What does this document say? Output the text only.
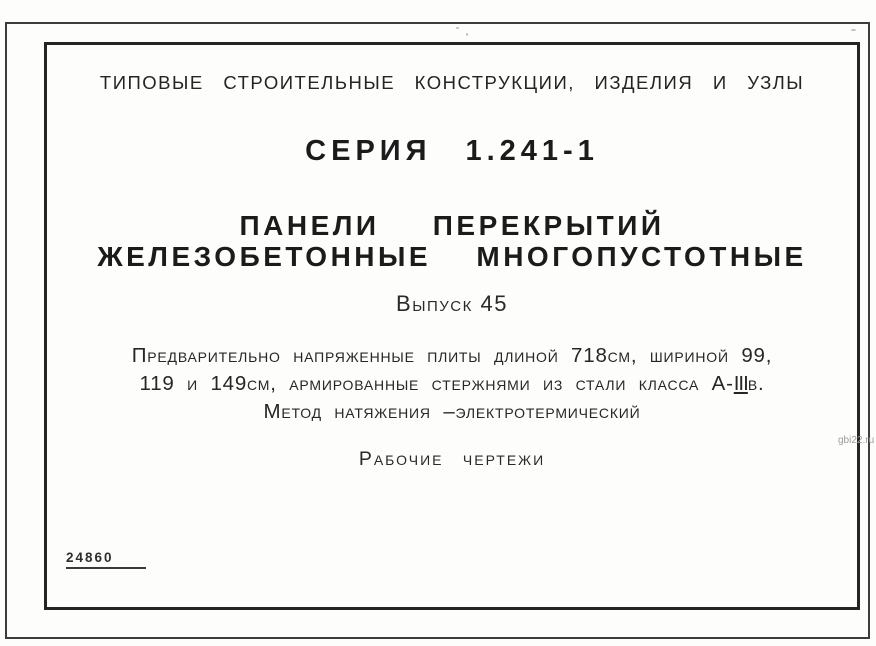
ТИПОВЫЕ СТРОИТЕЛЬНЫЕ КОНСТРУКЦИИ, ИЗДЕЛИЯ И УЗЛЫ
СЕРИЯ 1.241-1
ПАНЕЛИ ПЕРЕКРЫТИЙ
ЖЕЛЕЗОБЕТОННЫЕ МНОГОПУСТОТНЫЕ
Выпуск 45
Предварительно напряженные плиты длиной 718см, шириной 99,
119 и 149см, армированные стержнями из стали класса А-IIIв.
Метод натяжения –электротермический
Рабочие чертежи
24860
gbi22.ru
